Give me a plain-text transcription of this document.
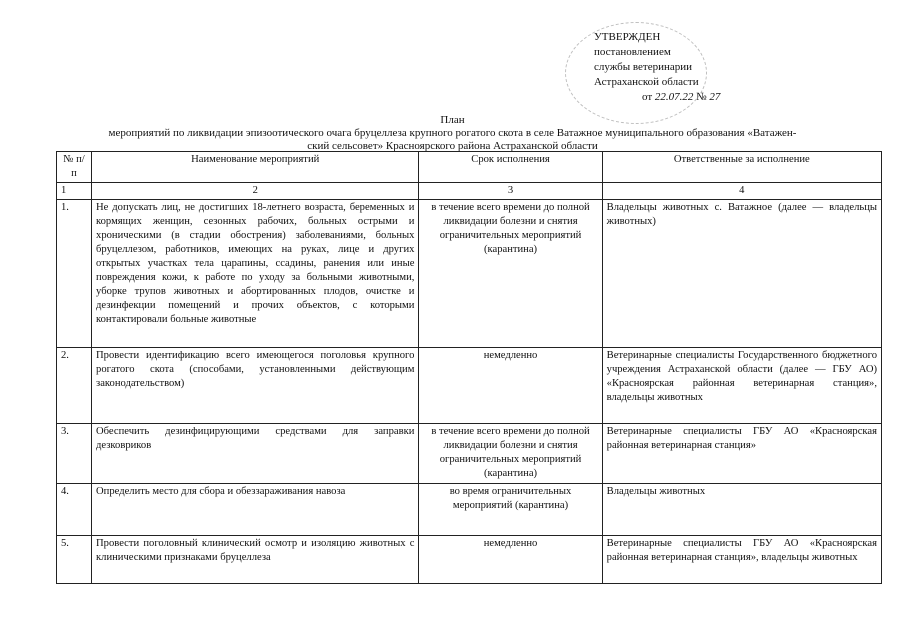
УТВЕРЖДЕН
постановлением
службы ветеринарии
Астраханской области
от 22.07.22 № 27
План
мероприятий по ликвидации эпизоотического очага бруцеллеза крупного рогатого скота в селе Ватажное муниципального образования «Ватажен-
ский сельсовет» Красноярского района Астраханской области
№ п/п	Наименование мероприятий	Срок исполнения	Ответственные за исполнение
1	2	3	4
1.	Не допускать лиц, не достигших 18-летнего возраста, беременных и кормящих женщин, сезонных рабочих, больных острыми и хроническими (в стадии обострения) заболеваниями, больных бруцеллезом, работников, имеющих на руках, лице и других открытых участках тела царапины, ссадины, ранения или иные повреждения кожи, к работе по уходу за больными животными, уборке трупов животных и абортированных плодов, очистке и дезинфекции помещений и прочих объектов, с которыми контактировали больные животные	в течение всего времени до полной ликвидации болезни и снятия ограничительных мероприятий (карантина)	Владельцы животных с. Ватажное (далее — владельцы животных)
2.	Провести идентификацию всего имеющегося поголовья крупного рогатого скота (способами, установленными действующим законодательством)	немедленно	Ветеринарные специалисты Государственного бюджетного учреждения Астраханской области (далее — ГБУ АО) «Красноярская районная ветеринарная станция», владельцы животных
3.	Обеспечить дезинфицирующими средствами для заправки дезковриков	в течение всего времени до полной ликвидации болезни и снятия ограничительных мероприятий (карантина)	Ветеринарные специалисты ГБУ АО «Красноярская районная ветеринарная станция»
4.	Определить место для сбора и обеззараживания навоза	во время ограничительных мероприятий (карантина)	Владельцы животных
5.	Провести поголовный клинический осмотр и изоляцию животных с клиническими признаками бруцеллеза	немедленно	Ветеринарные специалисты ГБУ АО «Красноярская районная ветеринарная станция», владельцы животных
